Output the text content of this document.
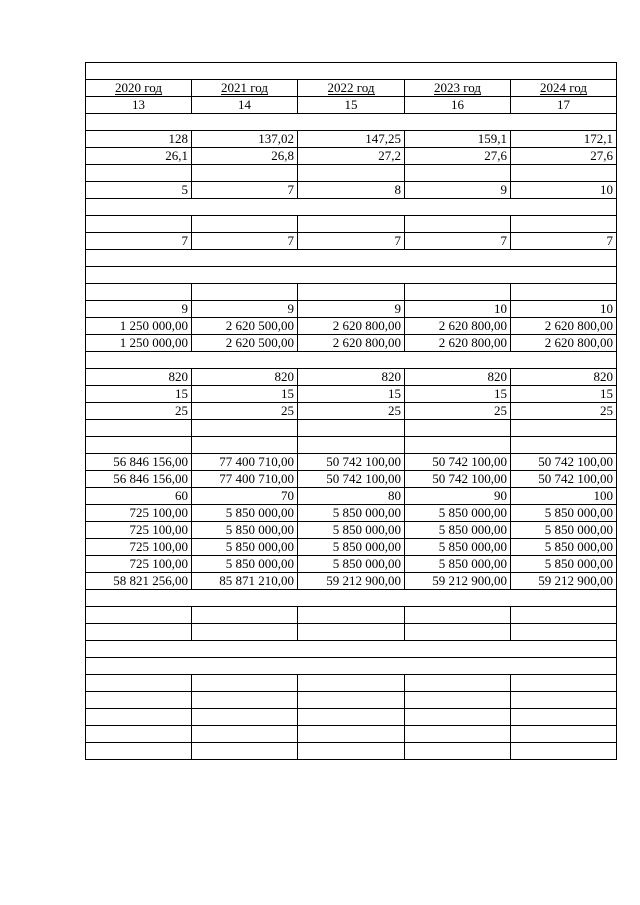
2020 год	2021 год	2022 год	2023 год	2024 год
13	14	15	16	17

128	137,02	147,25	159,1	172,1
26,1	26,8	27,2	27,6	27,6

5	7	8	9	10

7	7	7	7	7

9	9	9	10	10
1 250 000,00	2 620 500,00	2 620 800,00	2 620 800,00	2 620 800,00
1 250 000,00	2 620 500,00	2 620 800,00	2 620 800,00	2 620 800,00

820	820	820	820	820
15	15	15	15	15
25	25	25	25	25

56 846 156,00	77 400 710,00	50 742 100,00	50 742 100,00	50 742 100,00
56 846 156,00	77 400 710,00	50 742 100,00	50 742 100,00	50 742 100,00
60	70	80	90	100
725 100,00	5 850 000,00	5 850 000,00	5 850 000,00	5 850 000,00
725 100,00	5 850 000,00	5 850 000,00	5 850 000,00	5 850 000,00
725 100,00	5 850 000,00	5 850 000,00	5 850 000,00	5 850 000,00
725 100,00	5 850 000,00	5 850 000,00	5 850 000,00	5 850 000,00
58 821 256,00	85 871 210,00	59 212 900,00	59 212 900,00	59 212 900,00
